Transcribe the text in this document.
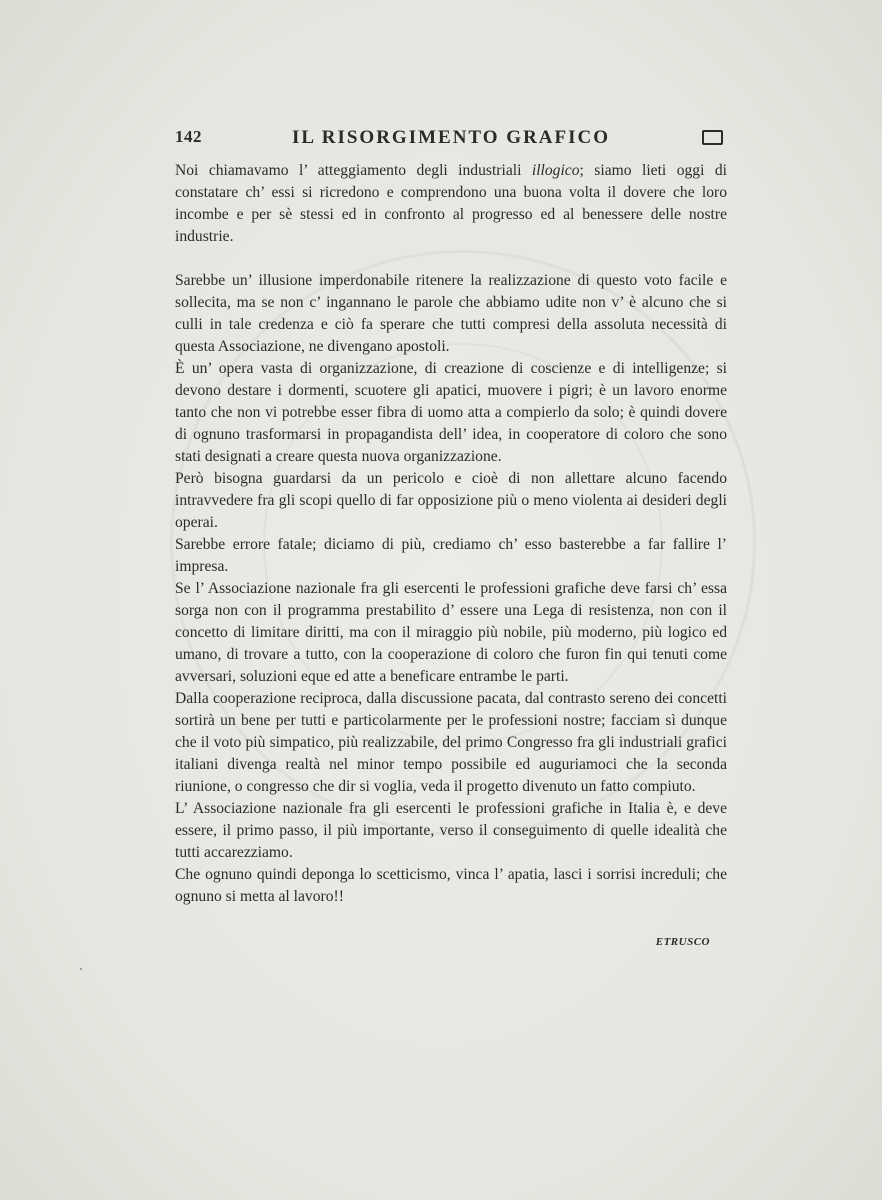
142	IL RISORGIMENTO GRAFICO

Noi chiamavamo l’ atteggiamento degli industriali illogico; siamo lieti oggi di constatare ch’ essi si ricredono e comprendono una buona volta il dovere che loro incombe e per sè stessi ed in confronto al progresso ed al benessere delle nostre industrie.

Sarebbe un’ illusione imperdonabile ritenere la realizzazione di questo voto facile e sollecita, ma se non c’ ingannano le parole che abbiamo udite non v’ è alcuno che si culli in tale credenza e ciò fa sperare che tutti compresi della assoluta necessità di questa Associazione, ne divengano apostoli.

È un’ opera vasta di organizzazione, di creazione di coscienze e di intelligenze; si devono destare i dormenti, scuotere gli apatici, muovere i pigri; è un lavoro enorme tanto che non vi potrebbe esser fibra di uomo atta a compierlo da solo; è quindi dovere di ognuno trasformarsi in propagandista dell’ idea, in cooperatore di coloro che sono stati designati a creare questa nuova organizzazione.

Però bisogna guardarsi da un pericolo e cioè di non allettare alcuno facendo intravvedere fra gli scopi quello di far opposizione più o meno violenta ai desideri degli operai.

Sarebbe errore fatale; diciamo di più, crediamo ch’ esso basterebbe a far fallire l’ impresa.

Se l’ Associazione nazionale fra gli esercenti le professioni grafiche deve farsi ch’ essa sorga non con il programma prestabilito d’ essere una Lega di resistenza, non con il concetto di limitare diritti, ma con il miraggio più nobile, più moderno, più logico ed umano, di trovare a tutto, con la cooperazione di coloro che furon fin qui tenuti come avversari, soluzioni eque ed atte a beneficare entrambe le parti.

Dalla cooperazione reciproca, dalla discussione pacata, dal contrasto sereno dei concetti sortirà un bene per tutti e particolarmente per le professioni nostre; facciam sì dunque che il voto più simpatico, più realizzabile, del primo Congresso fra gli industriali grafici italiani divenga realtà nel minor tempo possibile ed auguriamoci che la seconda riunione, o congresso che dir si voglia, veda il progetto divenuto un fatto compiuto.

L’ Associazione nazionale fra gli esercenti le professioni grafiche in Italia è, e deve essere, il primo passo, il più importante, verso il conseguimento di quelle idealità che tutti accarezziamo.

Che ognuno quindi deponga lo scetticismo, vinca l’ apatia, lasci i sorrisi increduli; che ognuno si metta al lavoro!!

ETRUSCO
